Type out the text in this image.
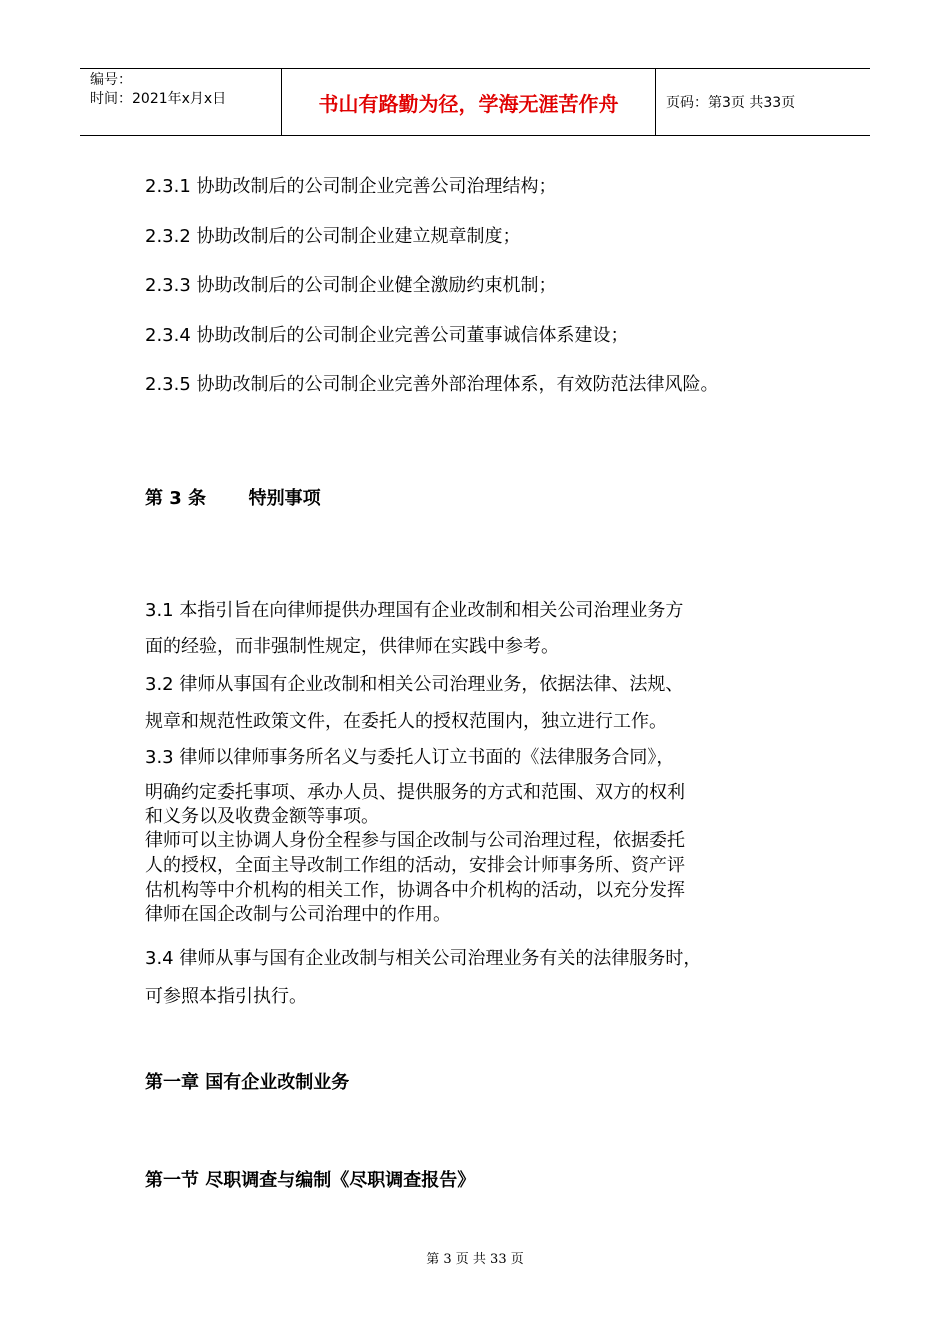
编号：
时间：2021年x月x日	书山有路勤为径，学海无涯苦作舟	页码：第3页 共33页
2.3.1 协助改制后的公司制企业完善公司治理结构；
2.3.2 协助改制后的公司制企业建立规章制度；
2.3.3 协助改制后的公司制企业健全激励约束机制；
2.3.4 协助改制后的公司制企业完善公司董事诚信体系建设；
2.3.5 协助改制后的公司制企业完善外部治理体系，有效防范法律风险。
第 3 条 特别事项
3.1 本指引旨在向律师提供办理国有企业改制和相关公司治理业务方
面的经验，而非强制性规定，供律师在实践中参考。
3.2 律师从事国有企业改制和相关公司治理业务，依据法律、法规、
规章和规范性政策文件，在委托人的授权范围内，独立进行工作。
3.3 律师以律师事务所名义与委托人订立书面的《法律服务合同》，
明确约定委托事项、承办人员、提供服务的方式和范围、双方的权利
和义务以及收费金额等事项。
律师可以主协调人身份全程参与国企改制与公司治理过程，依据委托
人的授权，全面主导改制工作组的活动，安排会计师事务所、资产评
估机构等中介机构的相关工作，协调各中介机构的活动，以充分发挥
律师在国企改制与公司治理中的作用。
3.4 律师从事与国有企业改制与相关公司治理业务有关的法律服务时，
可参照本指引执行。
第一章 国有企业改制业务
第一节 尽职调查与编制《尽职调查报告》
第 3 页 共 33 页
